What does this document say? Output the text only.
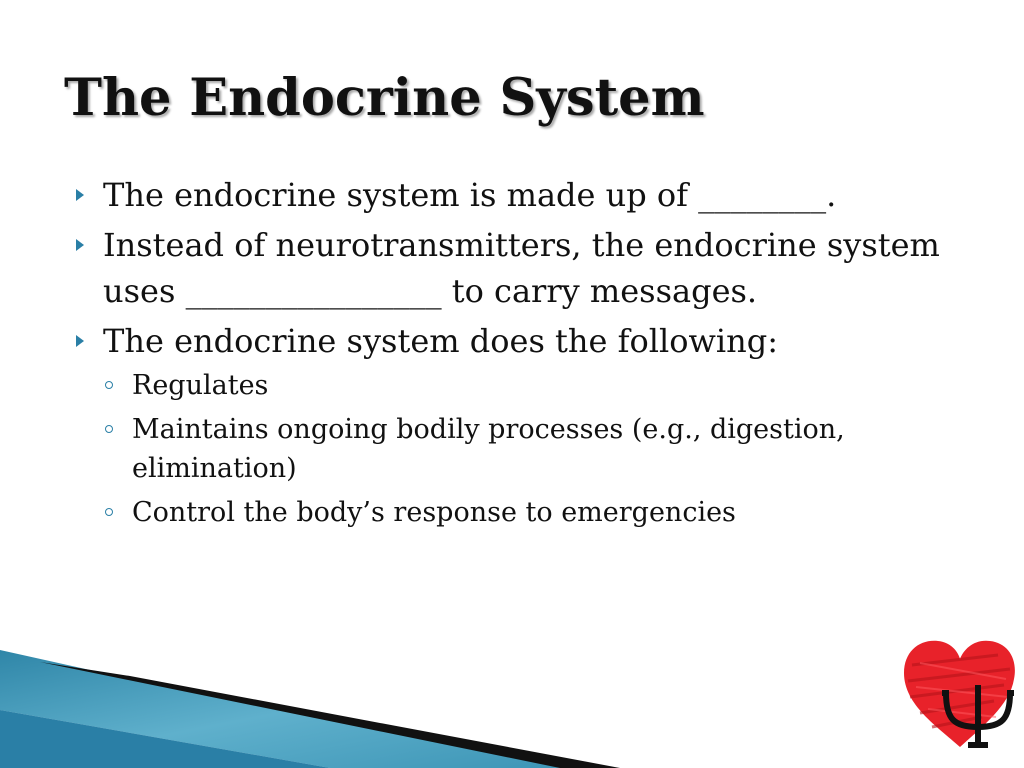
The Endocrine System
The endocrine system is made up of ________.
Instead of neurotransmitters, the endocrine system uses ________________ to carry messages.
The endocrine system does the following:
Regulates
Maintains ongoing bodily processes (e.g., digestion, elimination)
Control the body’s response to emergencies
